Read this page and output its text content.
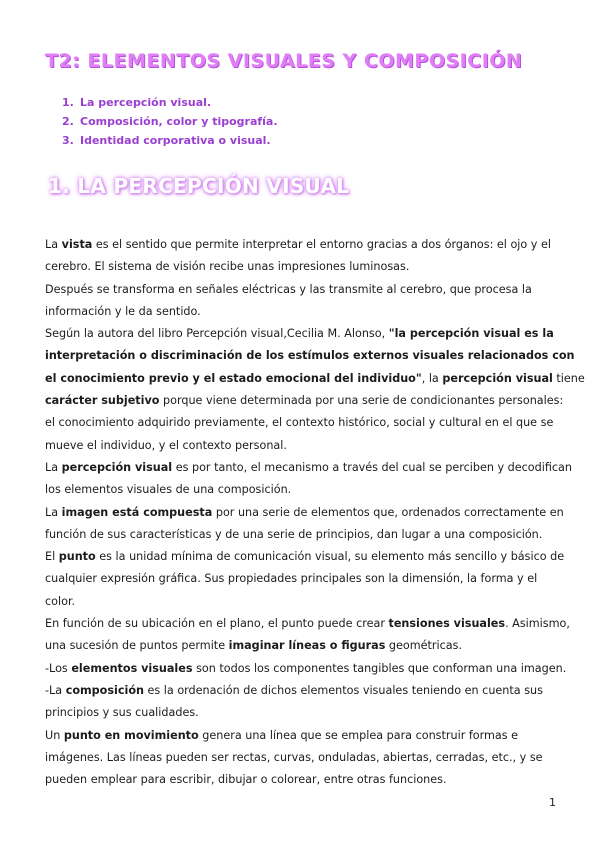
T2: ELEMENTOS VISUALES Y COMPOSICIÓN
1. La percepción visual.
2. Composición, color y tipografía.
3. Identidad corporativa o visual.
1. LA PERCEPCIÓN VISUAL

La vista es el sentido que permite interpretar el entorno gracias a dos órganos: el ojo y el
cerebro. El sistema de visión recibe unas impresiones luminosas.

Después se transforma en señales eléctricas y las transmite al cerebro, que procesa la
información y le da sentido.

Según la autora del libro Percepción visual,Cecilia M. Alonso, "la percepción visual es la
interpretación o discriminación de los estímulos externos visuales relacionados con
el conocimiento previo y el estado emocional del individuo", la percepción visual tiene
carácter subjetivo porque viene determinada por una serie de condicionantes personales:
el conocimiento adquirido previamente, el contexto histórico, social y cultural en el que se
mueve el individuo, y el contexto personal.

La percepción visual es por tanto, el mecanismo a través del cual se perciben y decodifican
los elementos visuales de una composición.

La imagen está compuesta por una serie de elementos que, ordenados correctamente en
función de sus características y de una serie de principios, dan lugar a una composición.

El punto es la unidad mínima de comunicación visual, su elemento más sencillo y básico de
cualquier expresión gráfica. Sus propiedades principales son la dimensión, la forma y el
color.

En función de su ubicación en el plano, el punto puede crear tensiones visuales. Asimismo,
una sucesión de puntos permite imaginar líneas o figuras geométricas.

-Los elementos visuales son todos los componentes tangibles que conforman una imagen.

-La composición es la ordenación de dichos elementos visuales teniendo en cuenta sus
principios y sus cualidades.

Un punto en movimiento genera una línea que se emplea para construir formas e
imágenes. Las líneas pueden ser rectas, curvas, onduladas, abiertas, cerradas, etc., y se
pueden emplear para escribir, dibujar o colorear, entre otras funciones.

1
